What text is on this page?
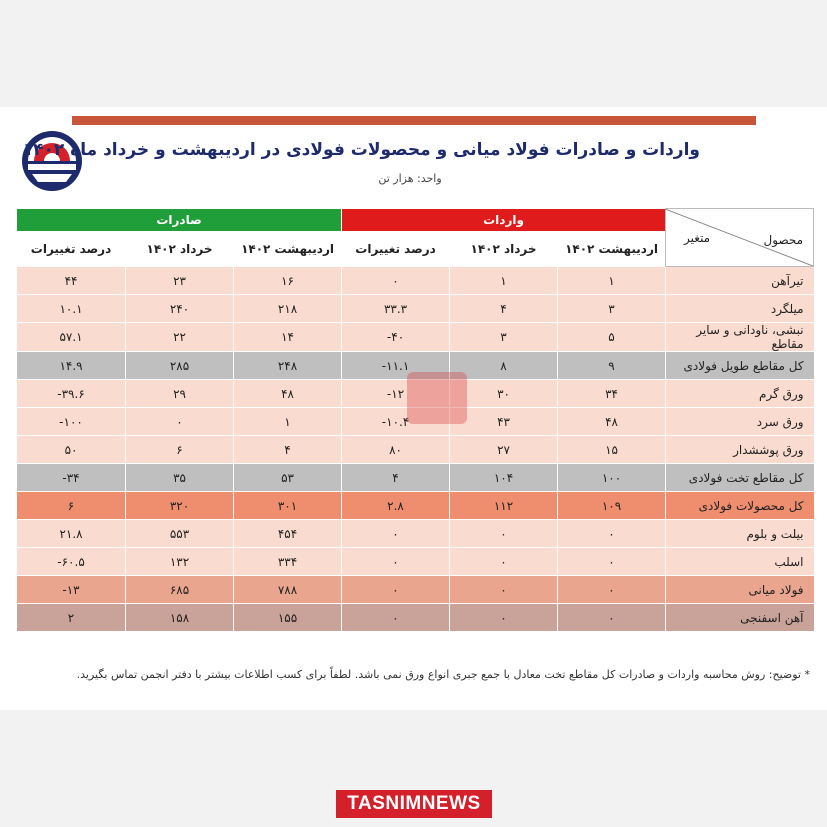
واردات و صادرات فولاد میانی و محصولات فولادی در اردیبهشت و خرداد ماه ۱۴۰۲
واحد: هزار تن
محصول
متغیر	واردات			صادرات		
	اردیبهشت ۱۴۰۲	خرداد ۱۴۰۲	درصد تغییرات	اردیبهشت ۱۴۰۲	خرداد ۱۴۰۲	درصد تغییرات
تیرآهن	۱	۱	۰	۱۶	۲۳	۴۴
میلگرد	۳	۴	۳۳.۳	۲۱۸	۲۴۰	۱۰.۱
نبشی، ناودانی و سایر مقاطع	۵	۳	۴۰-	۱۴	۲۲	۵۷.۱
کل مقاطع طویل فولادی	۹	۸	۱۱.۱-	۲۴۸	۲۸۵	۱۴.۹
ورق گرم	۳۴	۳۰	۱۲-	۴۸	۲۹	۳۹.۶-
ورق سرد	۴۸	۴۳	۱۰.۴-	۱	۰	۱۰۰-
ورق پوششدار	۱۵	۲۷	۸۰	۴	۶	۵۰
کل مقاطع تخت فولادی	۱۰۰	۱۰۴	۴	۵۳	۳۵	۳۴-
کل محصولات فولادی	۱۰۹	۱۱۲	۲.۸	۳۰۱	۳۲۰	۶
بیلت و بلوم	۰	۰	۰	۴۵۴	۵۵۳	۲۱.۸
اسلب	۰	۰	۰	۳۳۴	۱۳۲	۶۰.۵-
فولاد میانی	۰	۰	۰	۷۸۸	۶۸۵	۱۳-
آهن اسفنجی	۰	۰	۰	۱۵۵	۱۵۸	۲
* توضیح: روش محاسبه واردات و صادرات کل مقاطع تخت معادل با جمع جبری انواع ورق نمی باشد. لطفاً برای کسب اطلاعات بیشتر با دفتر انجمن تماس بگیرید.
TASNIMNEWS
